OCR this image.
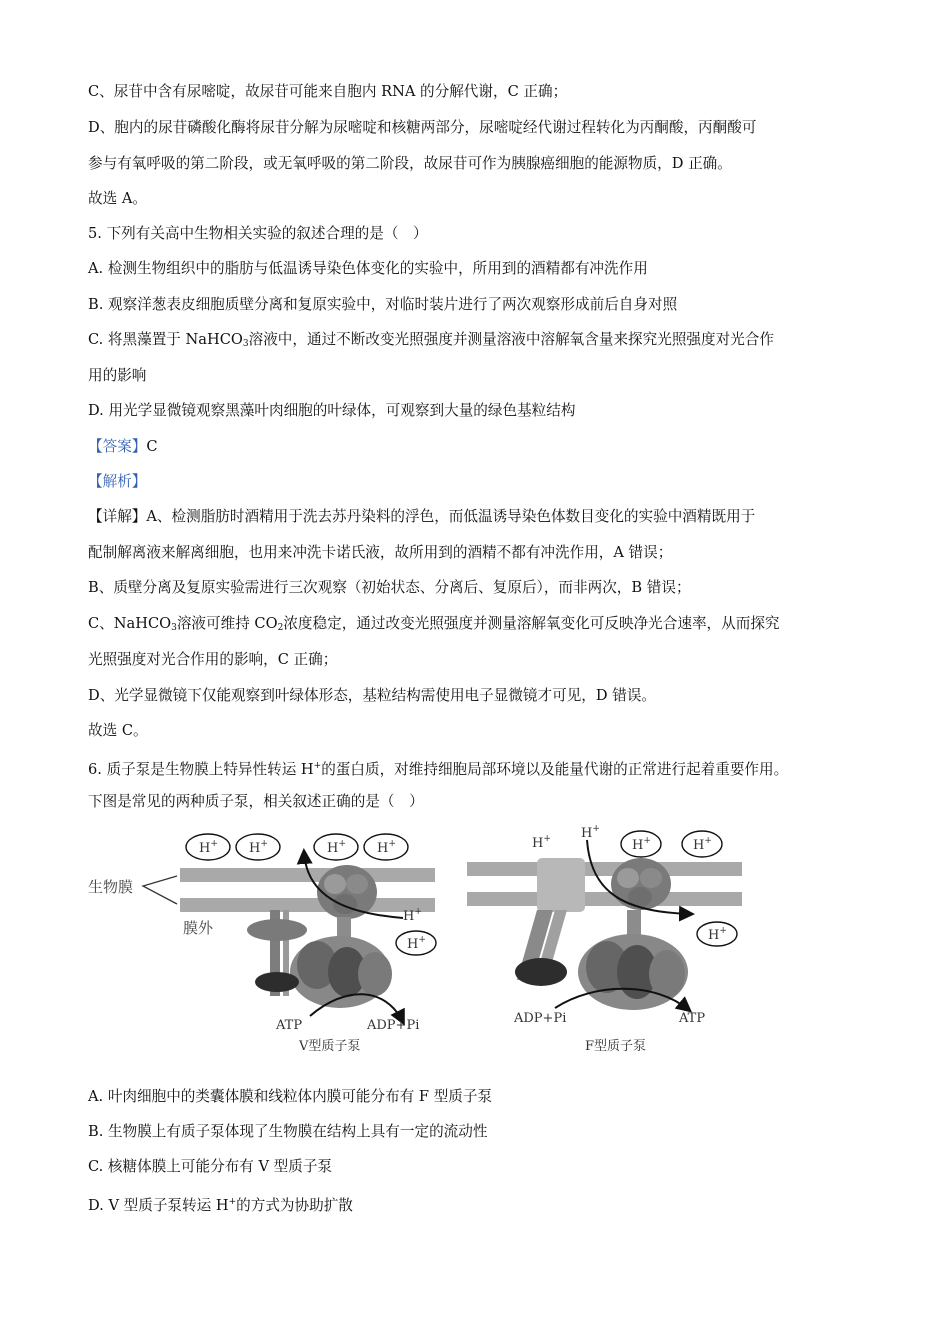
C、尿苷中含有尿嘧啶，故尿苷可能来自胞内 RNA 的分解代谢，C 正确；
D、胞内的尿苷磷酸化酶将尿苷分解为尿嘧啶和核糖两部分，尿嘧啶经代谢过程转化为丙酮酸，丙酮酸可
参与有氧呼吸的第二阶段，或无氧呼吸的第二阶段，故尿苷可作为胰腺癌细胞的能源物质，D 正确。
故选 A。
5. 下列有关高中生物相关实验的叙述合理的是（　）
A. 检测生物组织中的脂肪与低温诱导染色体变化的实验中，所用到的酒精都有冲洗作用
B. 观察洋葱表皮细胞质壁分离和复原实验中，对临时装片进行了两次观察形成前后自身对照
C. 将黑藻置于 NaHCO$_3$溶液中，通过不断改变光照强度并测量溶液中溶解氧含量来探究光照强度对光合作
用的影响
D. 用光学显微镜观察黑藻叶肉细胞的叶绿体，可观察到大量的绿色基粒结构
【答案】C
【解析】
【详解】A、检测脂肪时酒精用于洗去苏丹染料的浮色，而低温诱导染色体数目变化的实验中酒精既用于
配制解离液来解离细胞，也用来冲洗卡诺氏液，故所用到的酒精不都有冲洗作用，A 错误；
B、质壁分离及复原实验需进行三次观察（初始状态、分离后、复原后），而非两次，B 错误；
C、NaHCO$_3$溶液可维持 $CO_2$浓度稳定，通过改变光照强度并测量溶解氧变化可反映净光合速率，从而探究
光照强度对光合作用的影响，C 正确；
D、光学显微镜下仅能观察到叶绿体形态，基粒结构需使用电子显微镜才可见，D 错误。
故选 C。
6. 质子泵是生物膜上特异性转运 H+的蛋白质，对维持细胞局部环境以及能量代谢的正常进行起着重要作用。
下图是常见的两种质子泵，相关叙述正确的是（　）
H+ H+	H+ H+
H+
H+
ATP	ADP+Pi
V型质子泵
生物膜
膜外
H+ H+
H+	H+
H+
ADP+Pi	ATP
F型质子泵
A. 叶肉细胞中的类囊体膜和线粒体内膜可能分布有 F 型质子泵
B. 生物膜上有质子泵体现了生物膜在结构上具有一定的流动性
C. 核糖体膜上可能分布有 V 型质子泵
D. V 型质子泵转运 H+的方式为协助扩散
